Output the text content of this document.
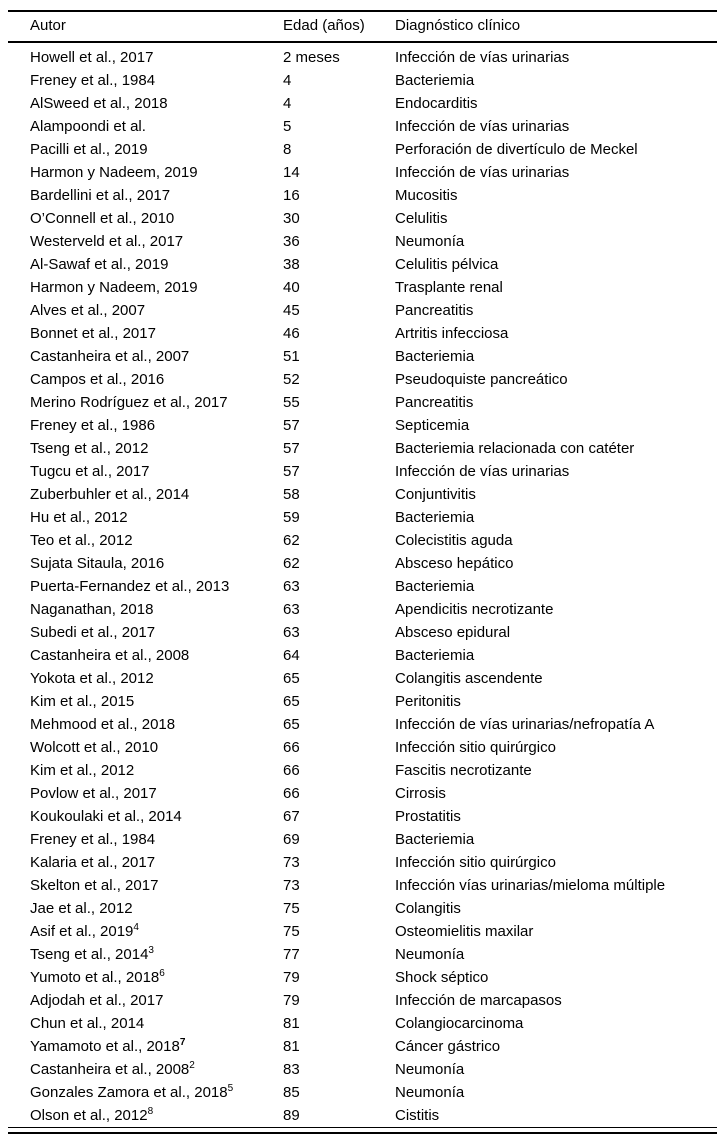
Autor	Edad (años)	Diagnóstico clínico
Howell et al., 2017	2 meses	Infección de vías urinarias
Freney et al., 1984	4	Bacteriemia
AlSweed et al., 2018	4	Endocarditis
Alampoondi et al.	5	Infección de vías urinarias
Pacilli et al., 2019	8	Perforación de divertículo de Meckel
Harmon y Nadeem, 2019	14	Infección de vías urinarias
Bardellini et al., 2017	16	Mucositis
O’Connell et al., 2010	30	Celulitis
Westerveld et al., 2017	36	Neumonía
Al-Sawaf et al., 2019	38	Celulitis pélvica
Harmon y Nadeem, 2019	40	Trasplante renal
Alves et al., 2007	45	Pancreatitis
Bonnet et al., 2017	46	Artritis infecciosa
Castanheira et al., 2007	51	Bacteriemia
Campos et al., 2016	52	Pseudoquiste pancreático
Merino Rodríguez et al., 2017	55	Pancreatitis
Freney et al., 1986	57	Septicemia
Tseng et al., 2012	57	Bacteriemia relacionada con catéter
Tugcu et al., 2017	57	Infección de vías urinarias
Zuberbuhler et al., 2014	58	Conjuntivitis
Hu et al., 2012	59	Bacteriemia
Teo et al., 2012	62	Colecistitis aguda
Sujata Sitaula, 2016	62	Absceso hepático
Puerta-Fernandez et al., 2013	63	Bacteriemia
Naganathan, 2018	63	Apendicitis necrotizante
Subedi et al., 2017	63	Absceso epidural
Castanheira et al., 2008	64	Bacteriemia
Yokota et al., 2012	65	Colangitis ascendente
Kim et al., 2015	65	Peritonitis
Mehmood et al., 2018	65	Infección de vías urinarias/nefropatía A
Wolcott et al., 2010	66	Infección sitio quirúrgico
Kim et al., 2012	66	Fascitis necrotizante
Povlow et al., 2017	66	Cirrosis
Koukoulaki et al., 2014	67	Prostatitis
Freney et al., 1984	69	Bacteriemia
Kalaria et al., 2017	73	Infección sitio quirúrgico
Skelton et al., 2017	73	Infección vías urinarias/mieloma múltiple
Jae et al., 2012	75	Colangitis
Asif et al., 2019$^4$	75	Osteomielitis maxilar
Tseng et al., 2014$^3$	77	Neumonía
Yumoto et al., 2018$^6$	79	Shock séptico
Adjodah et al., 2017	79	Infección de marcapasos
Chun et al., 2014	81	Colangiocarcinoma
Yamamoto et al., 2018$^7$	81	Cáncer gástrico
Castanheira et al., 2008$^2$	83	Neumonía
Gonzales Zamora et al., 2018$^5$	85	Neumonía
Olson et al., 2012$^8$	89	Cistitis
